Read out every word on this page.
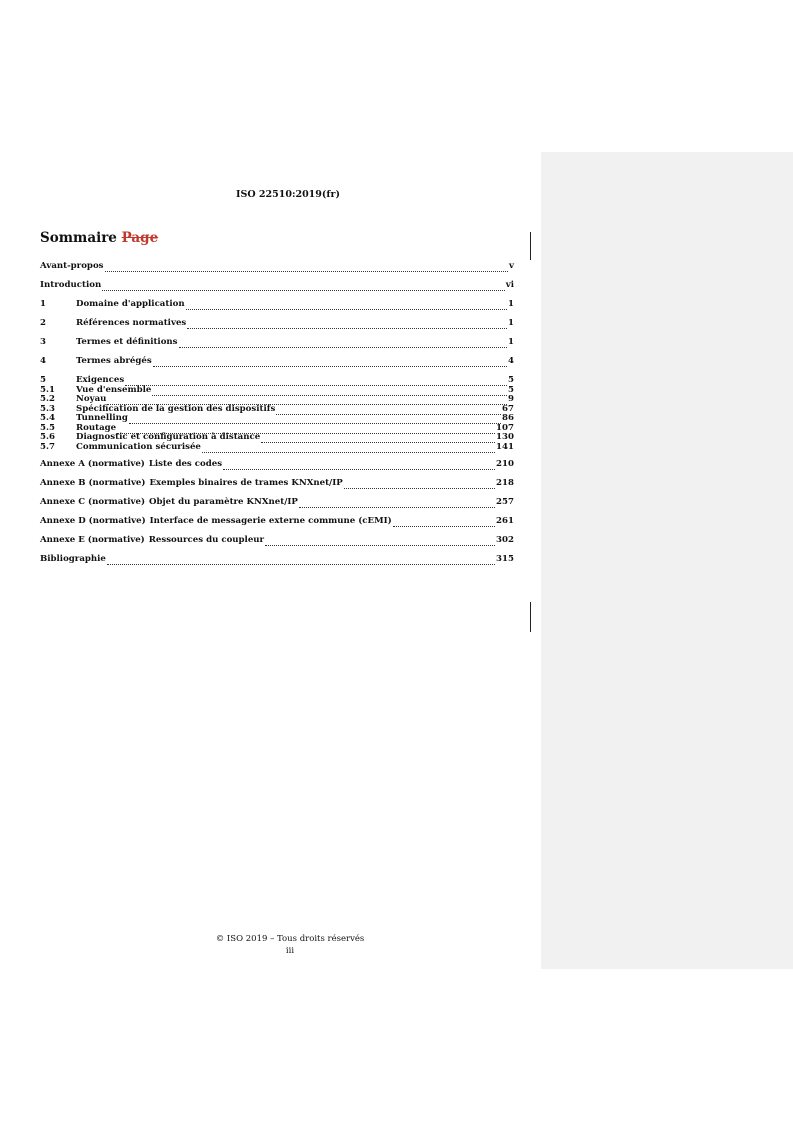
ISO 22510:2019(fr)
Sommaire Page
Avant-propos	v
Introduction	vi
1	Domaine d'application	1
2	Références normatives	1
3	Termes et définitions	1
4	Termes abrégés	4
5	Exigences	5
5.1	Vue d'ensemble	5
5.2	Noyau	9
5.3	Spécification de la gestion des dispositifs	67
5.4	Tunnelling	86
5.5	Routage	107
5.6	Diagnostic et configuration à distance	130
5.7	Communication sécurisée	141
Annexe A (normative) Liste des codes	210
Annexe B (normative) Exemples binaires de trames KNXnet/IP	218
Annexe C (normative) Objet du paramètre KNXnet/IP	257
Annexe D (normative) Interface de messagerie externe commune (cEMI)	261
Annexe E (normative) Ressources du coupleur	302
Bibliographie	315
© ISO 2019 – Tous droits réservés
iii
